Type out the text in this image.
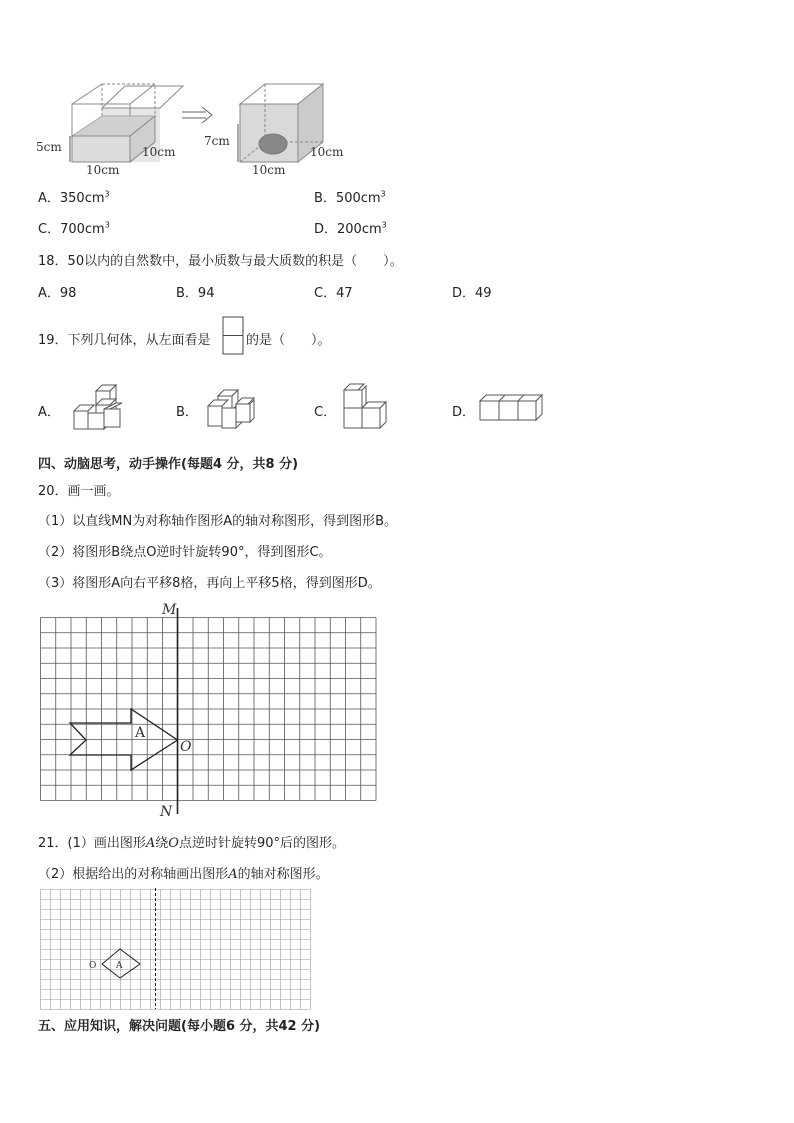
5cm
10cm
10cm
7cm
10cm
10cm
A．$350cm^3$	B．$500cm^3$
C．$700cm^3$	D．$200cm^3$
18．50以内的自然数中，最小质数与最大质数的积是（　　）。
A．98	B．94	C．47	D．49
19．下列几何体，从左面看是	的是（　　）。
A．	B．	C．	D．
四、动脑思考，动手操作(每题4 分，共8 分)
20．画一画。
（1）以直线MN为对称轴作图形A的轴对称图形，得到图形B。
（2）将图形B绕点O逆时针旋转90°，得到图形C。
（3）将图形A向右平移8格，再向上平移5格，得到图形D。
M
N
O
A
21．(1）画出图形A绕O点逆时针旋转90°后的图形。
（2）根据给出的对称轴画出图形A的轴对称图形。
A
O
五、应用知识，解决问题(每小题6 分，共42 分)
